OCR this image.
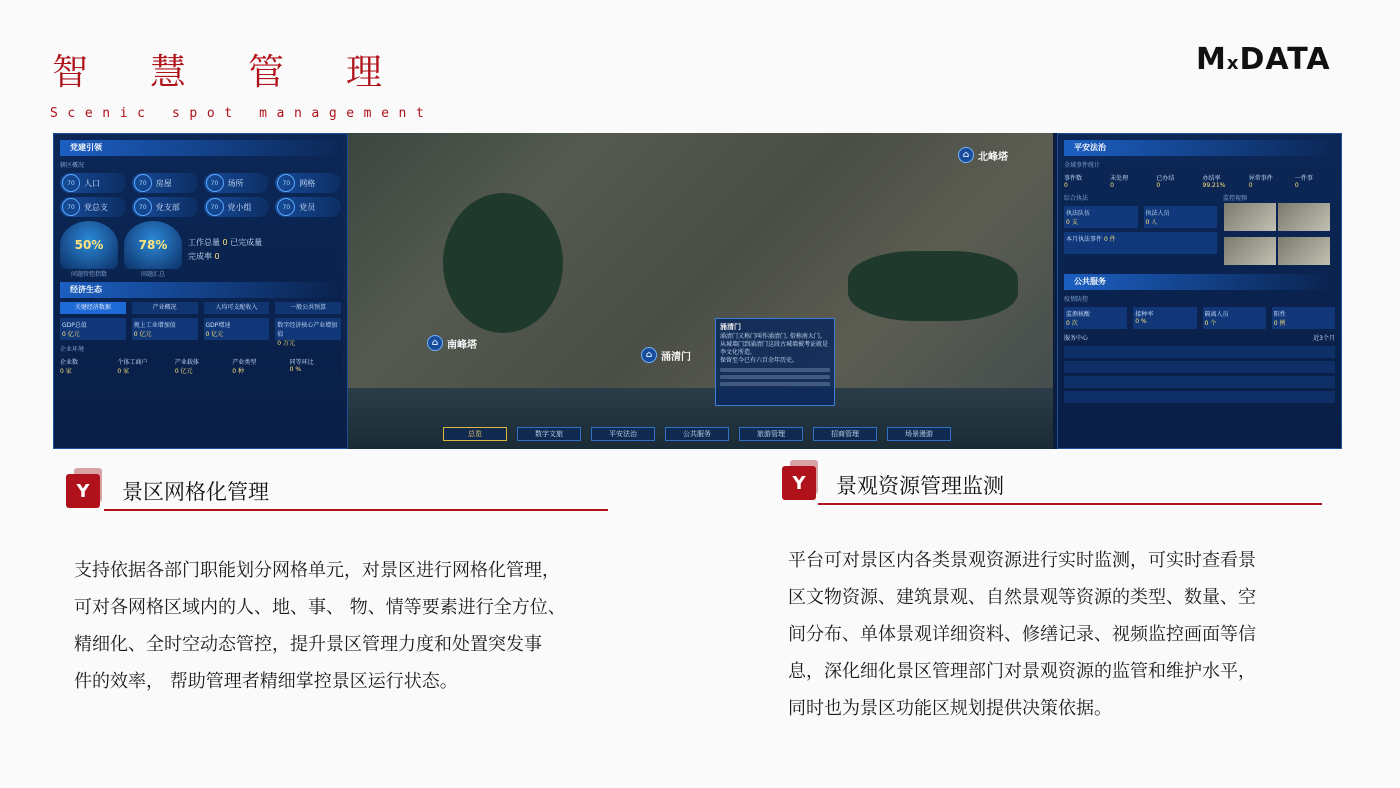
智慧管理
Scenic spot management
MxDATA
⌂ 北峰塔
⌂ 南峰塔
⌂ 涌清门
涌清门
涌清门又称门叫作涌清门, 俗称南大门。
从城墙门到涌清门这段古城墙被考证就是李文化所造,
保留至今已有六百余年历史。
党建引领
辖区概况
70	人口	70	房屋	70	场所	70	网格
70	党总支	70	党支部	70	党小组	70	党员
50%
问题管控指数
78%
问题汇总
工作总量 0 已完成量
完成率 0
经济生态
关键经济数据	产业概况	人均可支配收入	一般公共预算
GDP总值
0 亿元
规上工业增加值
0 亿元
GDP增速
0 亿元
数字经济核心产业增加值
0 万元
企业环境
企业数
0 家
个体工商户
0 家
产业载体
0 亿元
产业类型
0 种
同等环比
0 %
平安法治
全域事件统计
事件数
0
未处理
0
已办结
0
办结率
99.21%
异常事件
0
一件事
0
综合执法
执法队伍
0 支
执法人员
0 人
本月执法事件 0 件
监控视频
公共服务
疫情防控
监测核酸
0 次
接种率
0 %
隔离人员
0 个
阳性
0 例
服务中心	近3个月
总览	数字文旅	平安法治	公共服务	旅游管理	招商管理	场景漫游
Y	景区网格化管理
支持依据各部门职能划分网格单元，对景区进行网格化管理，
可对各网格区域内的人、地、事、 物、情等要素进行全方位、
精细化、全时空动态管控，提升景区管理力度和处置突发事
件的效率， 帮助管理者精细掌控景区运行状态。
Y	景观资源管理监测
平台可对景区内各类景观资源进行实时监测，可实时查看景
区文物资源、建筑景观、自然景观等资源的类型、数量、空
间分布、单体景观详细资料、修缮记录、视频监控画面等信
息，深化细化景区管理部门对景观资源的监管和维护水平，
同时也为景区功能区规划提供决策依据。
